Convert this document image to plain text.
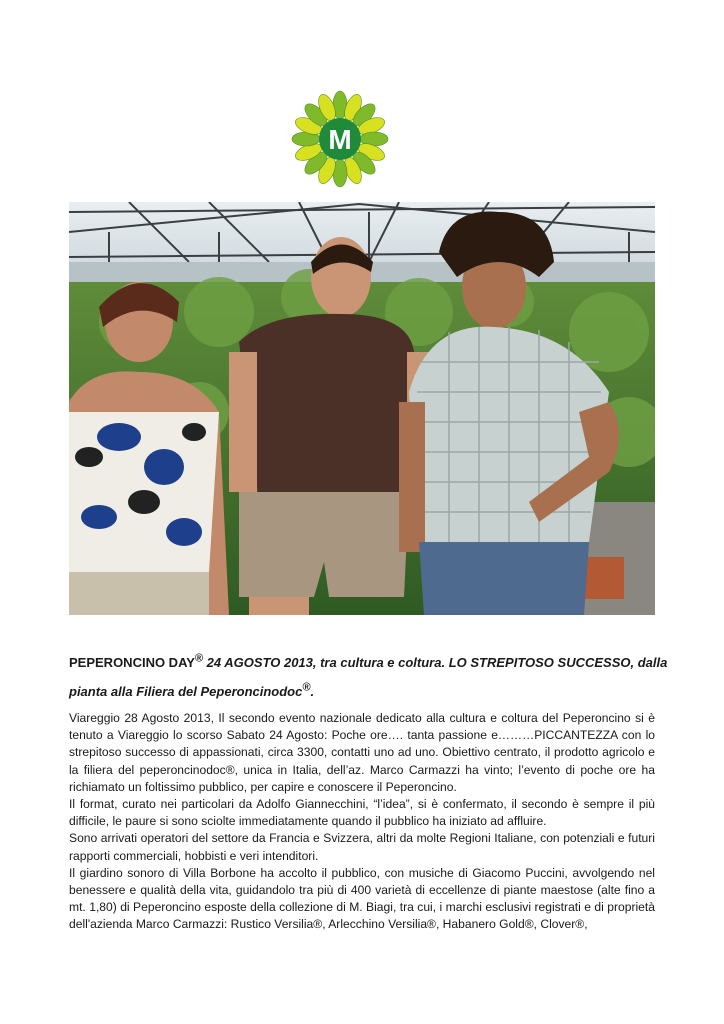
M
PEPERONCINO DAY® 24 AGOSTO 2013, tra cultura e coltura. LO STREPITOSO SUCCESSO, dalla pianta alla Filiera del Peperoncinodoc®.

Viareggio 28 Agosto 2013, Il secondo evento nazionale dedicato alla cultura e coltura del Peperoncino si è tenuto a Viareggio lo scorso Sabato 24 Agosto: Poche ore…. tanta passione e………PICCANTEZZA con lo strepitoso successo di appassionati, circa 3300, contatti uno ad uno. Obiettivo centrato, il prodotto agricolo e la filiera del peperoncinodoc®, unica in Italia, dell’az. Marco Carmazzi ha vinto; l’evento di poche ore ha richiamato un foltissimo pubblico, per capire e conoscere il Peperoncino.

Il format, curato nei particolari da Adolfo Giannecchini, “l’idea”, si è confermato, il secondo è sempre il più difficile, le paure si sono sciolte immediatamente quando il pubblico ha iniziato ad affluire.

Sono arrivati operatori del settore da Francia e Svizzera, altri da molte Regioni Italiane, con potenziali e futuri rapporti commerciali, hobbisti e veri intenditori.

Il giardino sonoro di Villa Borbone ha accolto il pubblico, con musiche di Giacomo Puccini, avvolgendo nel benessere e qualità della vita, guidandolo tra più di 400 varietà di eccellenze di piante maestose (alte fino a mt. 1,80) di Peperoncino esposte della collezione di M. Biagi, tra cui, i marchi esclusivi registrati e di proprietà dell'azienda Marco Carmazzi: Rustico Versilia®, Arlecchino Versilia®, Habanero Gold®, Clover®,
